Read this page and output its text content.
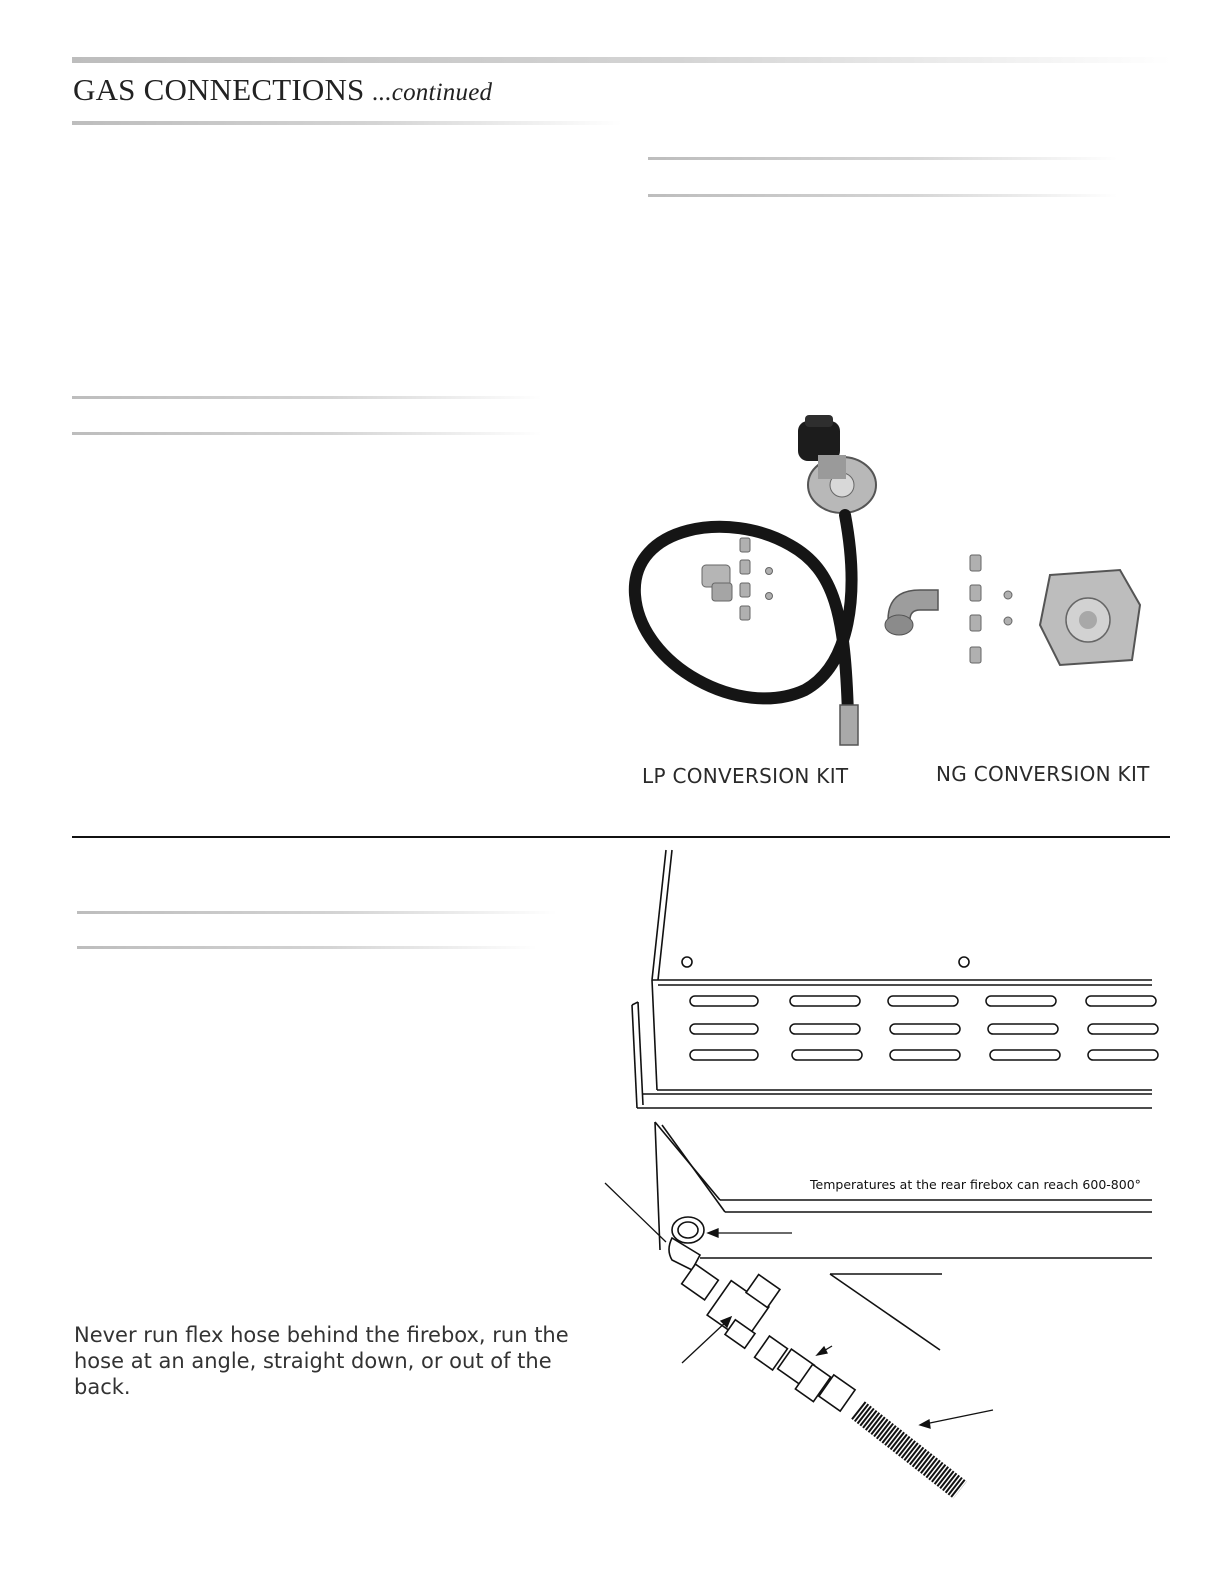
GAS CONNECTIONS ...continued
LP CONVERSION KIT	NG CONVERSION KIT
Temperatures at the rear firebox can reach 600-800°
Never run flex hose behind the firebox, run the hose at an angle, straight down, or out of the back.
